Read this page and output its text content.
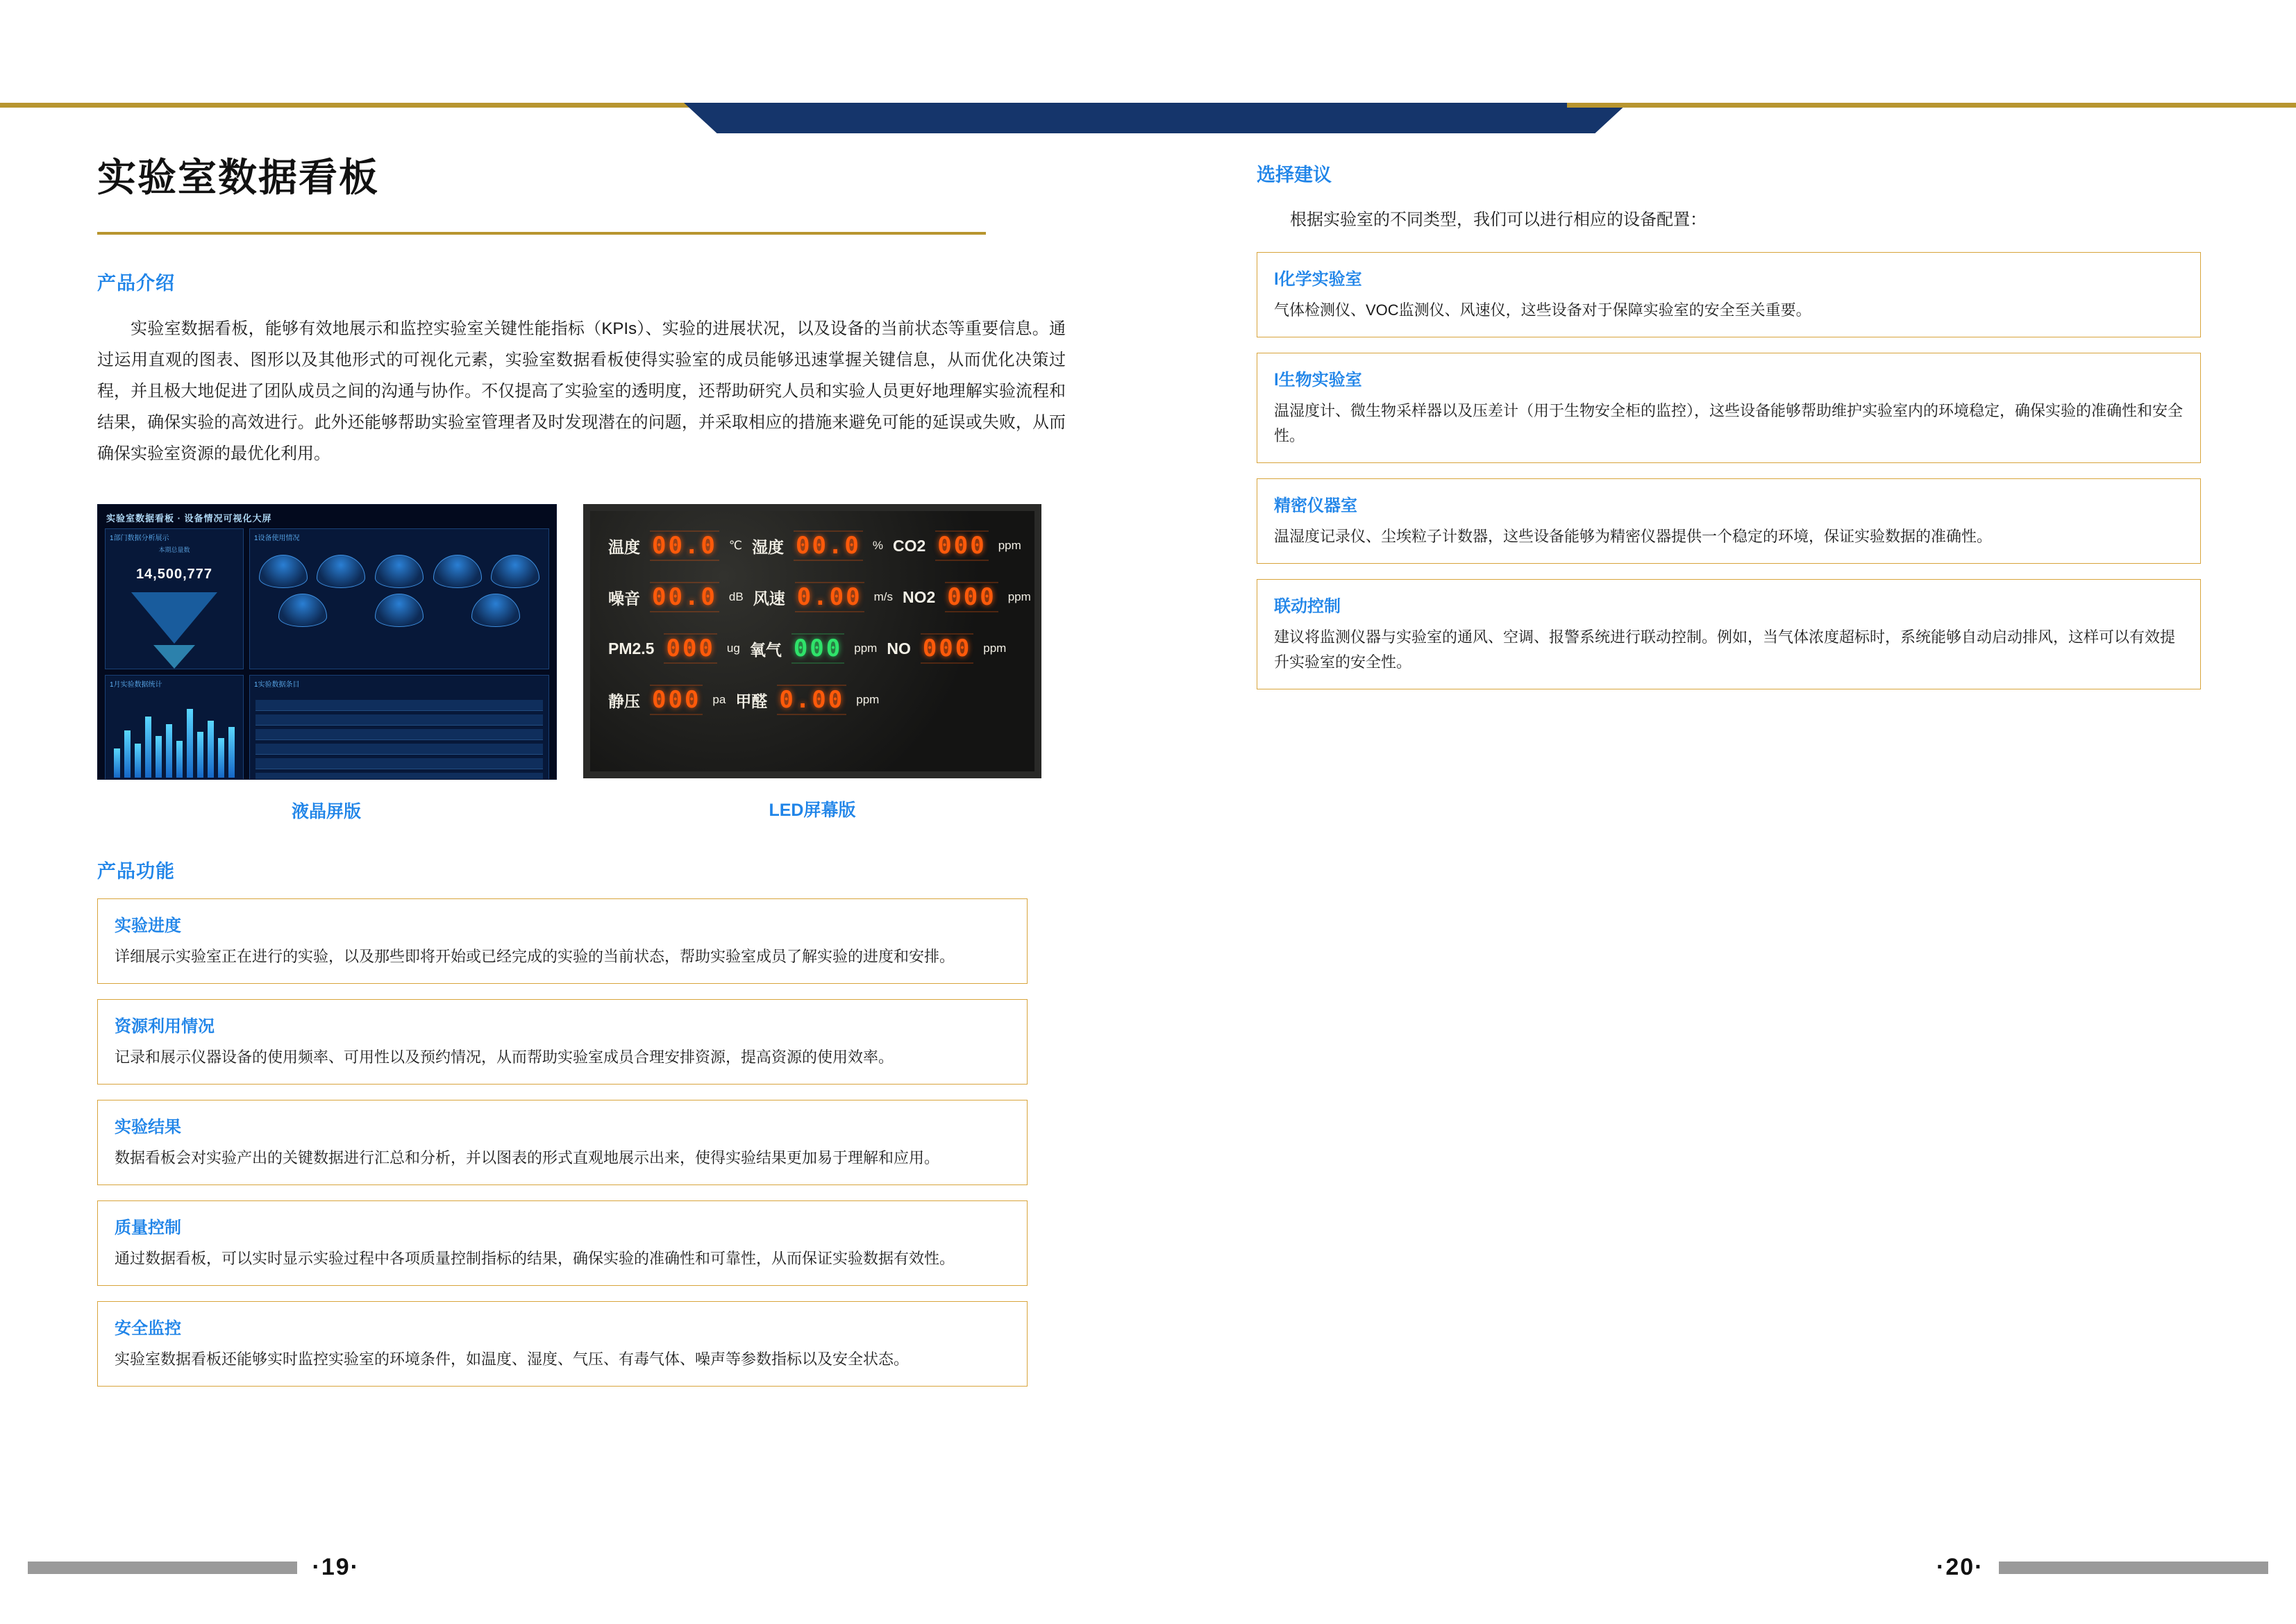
实验室数据看板
产品介绍

实验室数据看板，能够有效地展示和监控实验室关键性能指标（KPIs）、实验的进展状况，以及设备的当前状态等重要信息。通过运用直观的图表、图形以及其他形式的可视化元素，实验室数据看板使得实验室的成员能够迅速掌握关键信息，从而优化决策过程，并且极大地促进了团队成员之间的沟通与协作。不仅提高了实验室的透明度，还帮助研究人员和实验人员更好地理解实验流程和结果，确保实验的高效进行。此外还能够帮助实验室管理者及时发现潜在的问题，并采取相应的措施来避免可能的延误或失败，从而确保实验室资源的最优化利用。

实验室数据看板 · 设备情况可视化大屏
1部门数据分析展示
本期总量数
14,500,777
1设备使用情况
1月实验数据统计	1实验数据条目
液晶屏版
温度 00.0 ℃ 湿度 00.0 % CO2 000 ppm
噪音 00.0 dB 风速 0.00 m/s NO2 000 ppm
PM2.5 000 ug 氧气 000 ppm NO 000 ppm
静压 000 pa 甲醛 0.00 ppm
LED屏幕版
产品功能
实验进度
详细展示实验室正在进行的实验，以及那些即将开始或已经完成的实验的当前状态，帮助实验室成员了解实验的进度和安排。
资源利用情况
记录和展示仪器设备的使用频率、可用性以及预约情况，从而帮助实验室成员合理安排资源，提高资源的使用效率。
实验结果
数据看板会对实验产出的关键数据进行汇总和分析，并以图表的形式直观地展示出来，使得实验结果更加易于理解和应用。
质量控制
通过数据看板，可以实时显示实验过程中各项质量控制指标的结果，确保实验的准确性和可靠性，从而保证实验数据有效性。
安全监控
实验室数据看板还能够实时监控实验室的环境条件，如温度、湿度、气压、有毒气体、噪声等参数指标以及安全状态。
选择建议

根据实验室的不同类型，我们可以进行相应的设备配置：

l化学实验室
气体检测仪、VOC监测仪、风速仪，这些设备对于保障实验室的安全至关重要。
l生物实验室
温湿度计、微生物采样器以及压差计（用于生物安全柜的监控），这些设备能够帮助维护实验室内的环境稳定，确保实验的准确性和安全性。
精密仪器室
温湿度记录仪、尘埃粒子计数器，这些设备能够为精密仪器提供一个稳定的环境，保证实验数据的准确性。
联动控制
建议将监测仪器与实验室的通风、空调、报警系统进行联动控制。例如，当气体浓度超标时，系统能够自动启动排风，这样可以有效提升实验室的安全性。
·19·	·20·
